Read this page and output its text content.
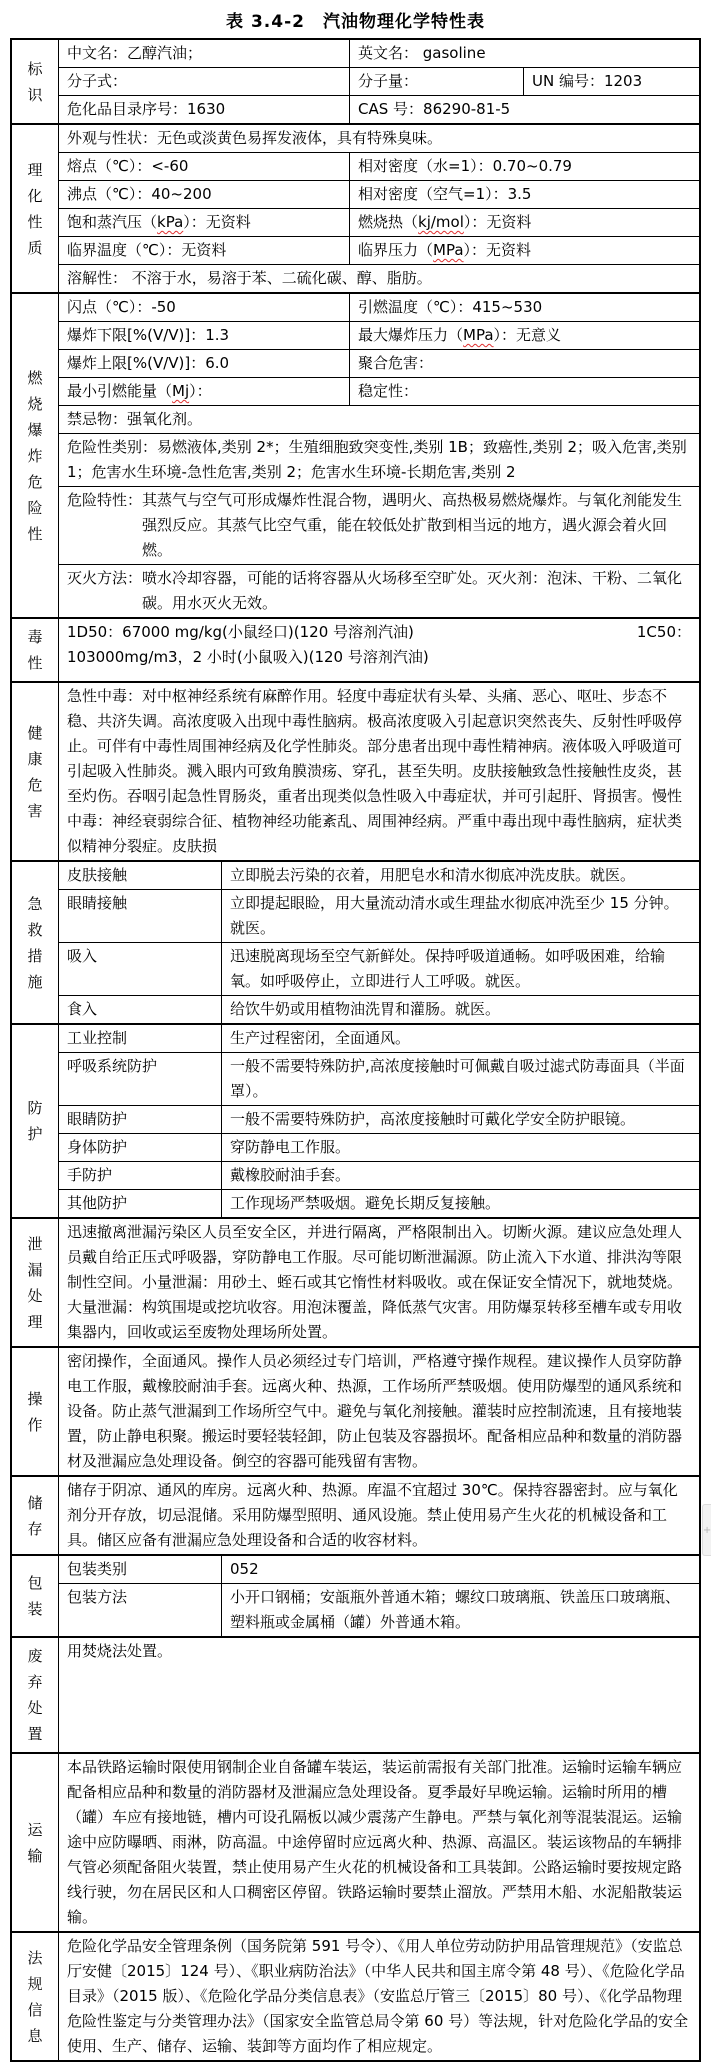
表 3.4-2　汽油物理化学特性表
标识
中文名：乙醇汽油；	英文名： gasoline
分子式：	分子量：	UN 编号：1203
危化品目录序号：1630	CAS 号：86290-81-5
理化性质
外观与性状：无色或淡黄色易挥发液体，具有特殊臭味。
熔点（℃）：<-60	相对密度（水=1）：0.70~0.79
沸点（℃）：40~200	相对密度（空气=1）：3.5
饱和蒸汽压（kPa）：无资料	燃烧热（kj/mol）：无资料
临界温度（℃）：无资料	临界压力（MPa）：无资料
溶解性： 不溶于水，易溶于苯、二硫化碳、醇、脂肪。
燃烧爆炸危险性
闪点（℃）：-50	引燃温度（℃）：415~530
爆炸下限[%(V/V)]：1.3	最大爆炸压力（MPa）：无意义
爆炸上限[%(V/V)]：6.0	聚合危害：
最小引燃能量（Mj）：	稳定性：
禁忌物：强氧化剂。
危险性类别：易燃液体,类别 2*；生殖细胞致突变性,类别 1B；致癌性,类别 2；吸入危害,类别 1；危害水生环境-急性危害,类别 2；危害水生环境-长期危害,类别 2
危险特性：其蒸气与空气可形成爆炸性混合物，遇明火、高热极易燃烧爆炸。与氧化剂能发生强烈反应。其蒸气比空气重，能在较低处扩散到相当远的地方，遇火源会着火回燃。
灭火方法：喷水冷却容器，可能的话将容器从火场移至空旷处。灭火剂：泡沫、干粉、二氧化碳。用水灭火无效。
毒性
1D50：67000 mg/kg(小鼠经口)(120 号溶剂汽油)	1C50：
103000mg/m3，2 小时(小鼠吸入)(120 号溶剂汽油)
健康危害
急性中毒：对中枢神经系统有麻醉作用。轻度中毒症状有头晕、头痛、恶心、呕吐、步态不稳、共济失调。高浓度吸入出现中毒性脑病。极高浓度吸入引起意识突然丧失、反射性呼吸停止。可伴有中毒性周围神经病及化学性肺炎。部分患者出现中毒性精神病。液体吸入呼吸道可引起吸入性肺炎。溅入眼内可致角膜溃疡、穿孔，甚至失明。皮肤接触致急性接触性皮炎，甚至灼伤。吞咽引起急性胃肠炎，重者出现类似急性吸入中毒症状，并可引起肝、肾损害。慢性中毒：神经衰弱综合征、植物神经功能紊乱、周围神经病。严重中毒出现中毒性脑病，症状类似精神分裂症。皮肤损
急救措施
皮肤接触	立即脱去污染的衣着，用肥皂水和清水彻底冲洗皮肤。就医。
眼睛接触	立即提起眼睑，用大量流动清水或生理盐水彻底冲洗至少 15 分钟。就医。
吸入	迅速脱离现场至空气新鲜处。保持呼吸道通畅。如呼吸困难，给输氧。如呼吸停止，立即进行人工呼吸。就医。
食入	给饮牛奶或用植物油洗胃和灌肠。就医。
防护
工业控制	生产过程密闭，全面通风。
呼吸系统防护	一般不需要特殊防护,高浓度接触时可佩戴自吸过滤式防毒面具（半面罩）。
眼睛防护	一般不需要特殊防护，高浓度接触时可戴化学安全防护眼镜。
身体防护	穿防静电工作服。
手防护	戴橡胶耐油手套。
其他防护	工作现场严禁吸烟。避免长期反复接触。
泄漏处理
迅速撤离泄漏污染区人员至安全区，并进行隔离，严格限制出入。切断火源。建议应急处理人员戴自给正压式呼吸器，穿防静电工作服。尽可能切断泄漏源。防止流入下水道、排洪沟等限制性空间。小量泄漏：用砂土、蛭石或其它惰性材料吸收。或在保证安全情况下，就地焚烧。大量泄漏：构筑围堤或挖坑收容。用泡沫覆盖，降低蒸气灾害。用防爆泵转移至槽车或专用收集器内，回收或运至废物处理场所处置。
操作
密闭操作，全面通风。操作人员必须经过专门培训，严格遵守操作规程。建议操作人员穿防静电工作服，戴橡胶耐油手套。远离火种、热源，工作场所严禁吸烟。使用防爆型的通风系统和设备。防止蒸气泄漏到工作场所空气中。避免与氧化剂接触。灌装时应控制流速，且有接地装置，防止静电积聚。搬运时要轻装轻卸，防止包装及容器损坏。配备相应品种和数量的消防器材及泄漏应急处理设备。倒空的容器可能残留有害物。
储存
储存于阴凉、通风的库房。远离火种、热源。库温不宜超过 30℃。保持容器密封。应与氧化剂分开存放，切忌混储。采用防爆型照明、通风设施。禁止使用易产生火花的机械设备和工具。储区应备有泄漏应急处理设备和合适的收容材料。
包装
包装类别	052
包装方法	小开口钢桶；安瓿瓶外普通木箱；螺纹口玻璃瓶、铁盖压口玻璃瓶、塑料瓶或金属桶（罐）外普通木箱。
废弃处置
用焚烧法处置。
运输
本品铁路运输时限使用钢制企业自备罐车装运，装运前需报有关部门批准。运输时运输车辆应配备相应品种和数量的消防器材及泄漏应急处理设备。夏季最好早晚运输。运输时所用的槽（罐）车应有接地链，槽内可设孔隔板以减少震荡产生静电。严禁与氧化剂等混装混运。运输途中应防曝晒、雨淋，防高温。中途停留时应远离火种、热源、高温区。装运该物品的车辆排气管必须配备阻火装置，禁止使用易产生火花的机械设备和工具装卸。公路运输时要按规定路线行驶，勿在居民区和人口稠密区停留。铁路运输时要禁止溜放。严禁用木船、水泥船散装运输。
法规信息
危险化学品安全管理条例（国务院第 591 号令）、《用人单位劳动防护用品管理规范》（安监总厅安健〔2015〕124 号）、《职业病防治法》（中华人民共和国主席令第 48 号）、《危险化学品目录》（2015 版）、《危险化学品分类信息表》（安监总厅管三〔2015〕80 号）、《化学品物理危险性鉴定与分类管理办法》（国家安全监管总局令第 60 号）等法规，针对危险化学品的安全使用、生产、储存、运输、装卸等方面均作了相应规定。
+
